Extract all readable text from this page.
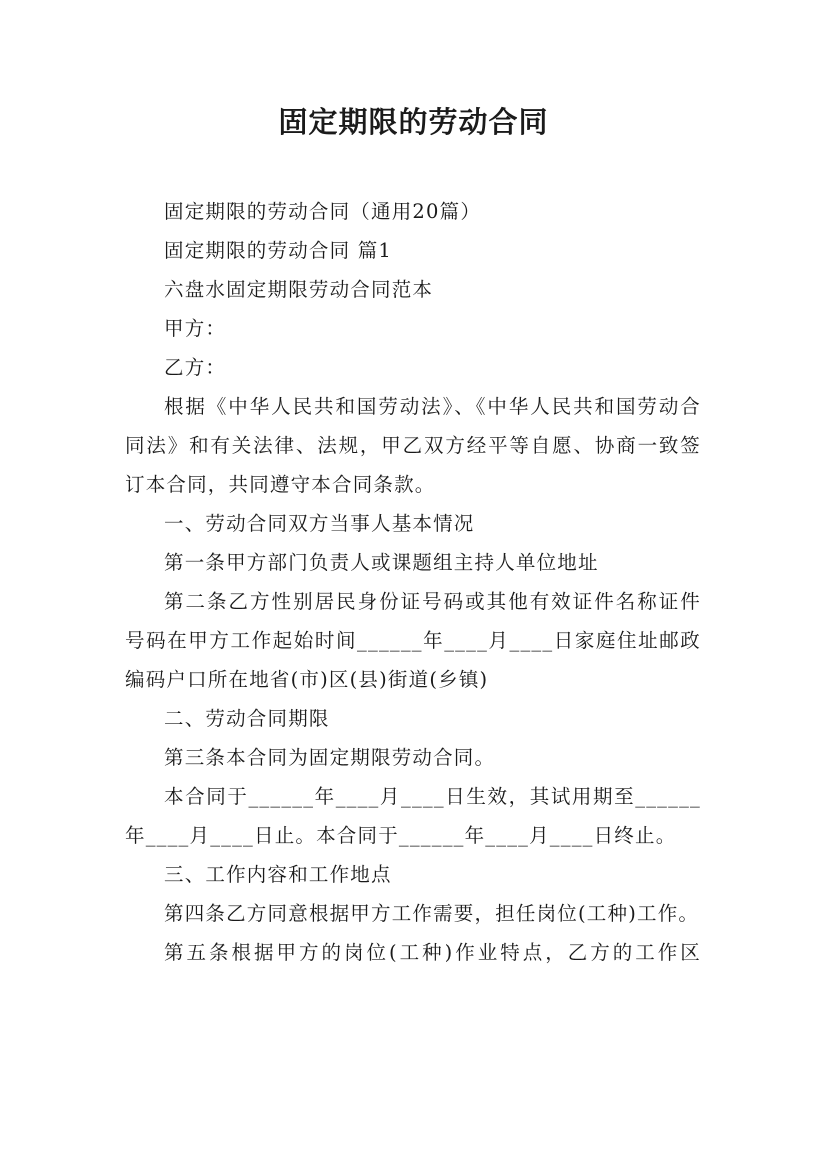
固定期限的劳动合同

固定期限的劳动合同（通用20篇）

固定期限的劳动合同 篇1

六盘水固定期限劳动合同范本

甲方：

乙方：

根据《中华人民共和国劳动法》、《中华人民共和国劳动合同法》和有关法律、法规，甲乙双方经平等自愿、协商一致签订本合同，共同遵守本合同条款。

一、劳动合同双方当事人基本情况

第一条甲方部门负责人或课题组主持人单位地址

第二条乙方性别居民身份证号码或其他有效证件名称证件号码在甲方工作起始时间______年____月____日家庭住址邮政编码户口所在地省(市)区(县)街道(乡镇)

二、劳动合同期限

第三条本合同为固定期限劳动合同。

本合同于______年____月____日生效，其试用期至______年____月____日止。本合同于______年____月____日终止。

三、工作内容和工作地点

第四条乙方同意根据甲方工作需要，担任岗位(工种)工作。

第五条根据甲方的岗位(工种)作业特点，乙方的工作区
